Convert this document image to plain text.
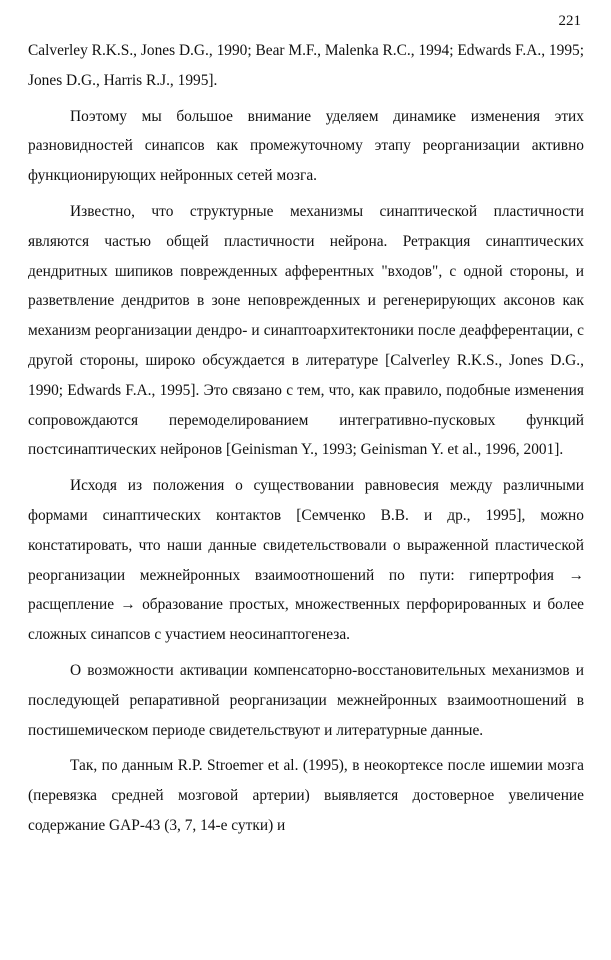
221

Calverley R.K.S., Jones D.G., 1990; Bear M.F., Malenka R.C., 1994; Edwards F.A., 1995; Jones D.G., Harris R.J., 1995].

Поэтому мы большое внимание уделяем динамике изменения этих разновидностей синапсов как промежуточному этапу реорганизации активно функционирующих нейронных сетей мозга.

Известно, что структурные механизмы синаптической пластичности являются частью общей пластичности нейрона. Ретракция синаптических дендритных шипиков поврежденных афферентных "входов", с одной стороны, и разветвление дендритов в зоне неповрежденных и регенерирующих аксонов как механизм реорганизации дендро- и синаптоархитектоники после деафферентации, с другой стороны, широко обсуждается в литературе [Calverley R.K.S., Jones D.G., 1990; Edwards F.A., 1995]. Это связано с тем, что, как правило, подобные изменения сопровождаются перемоделированием интегративно-пусковых функций постсинаптических нейронов [Geinisman Y., 1993; Geinisman Y. et al., 1996, 2001].

Исходя из положения о существовании равновесия между различными формами синаптических контактов [Семченко В.В. и др., 1995], можно констатировать, что наши данные свидетельствовали о выраженной пластической реорганизации межнейронных взаимоотношений по пути: гипертрофия → расщепление → образование простых, множественных перфорированных и более сложных синапсов с участием неосинаптогенеза.

О возможности активации компенсаторно-восстановительных механизмов и последующей репаративной реорганизации межнейронных взаимоотношений в постишемическом периоде свидетельствуют и литературные данные.

Так, по данным R.P. Stroemer et al. (1995), в неокортексе после ишемии мозга (перевязка средней мозговой артерии) выявляется достоверное увеличение содержание GAP-43 (3, 7, 14-е сутки) и
